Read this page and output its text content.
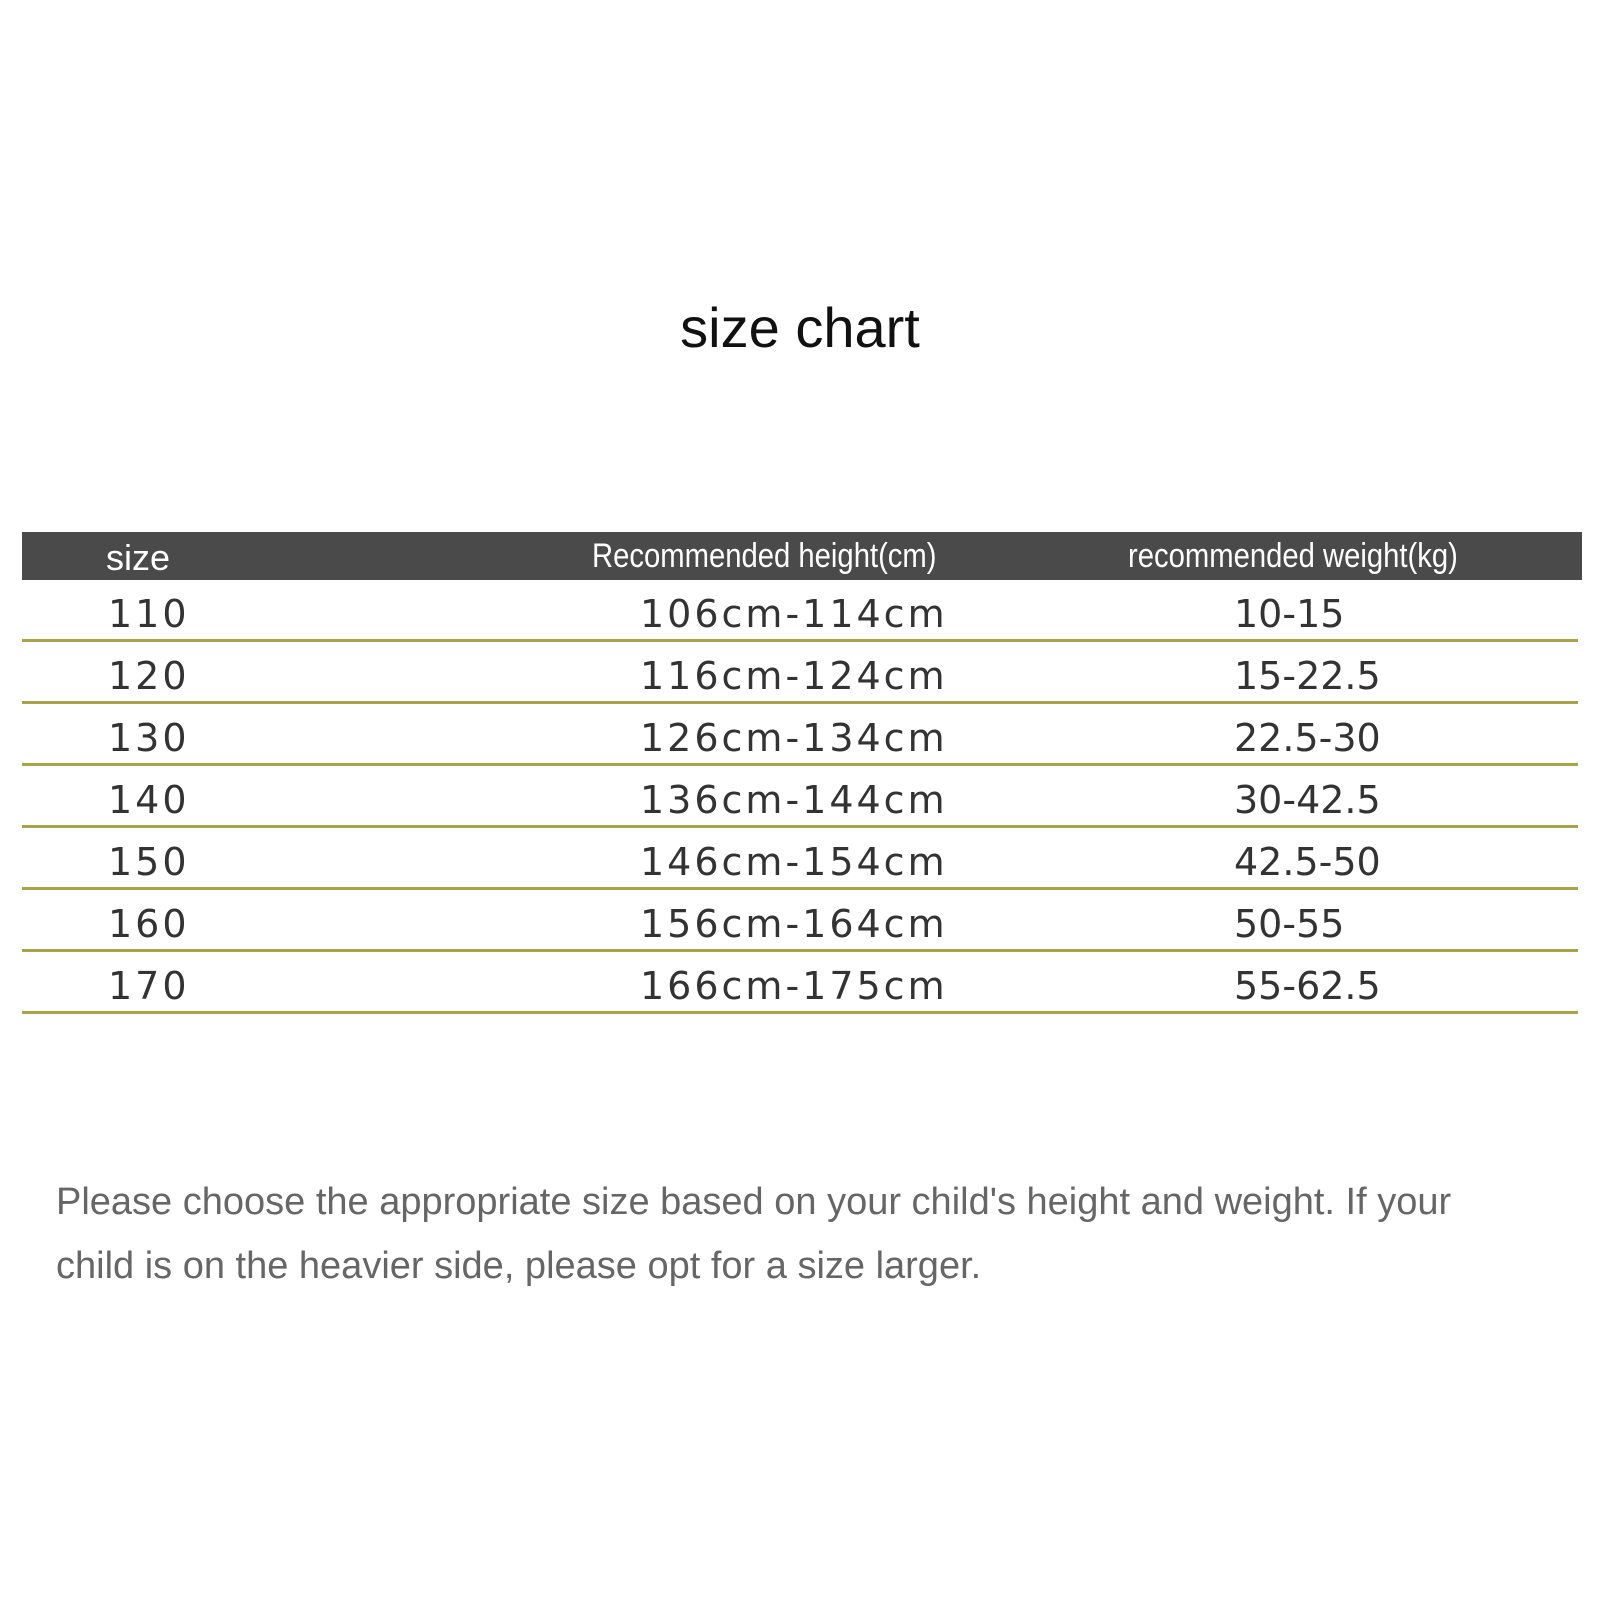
size chart
size	Recommended height(cm)	recommended weight(kg)
110	106cm-114cm	10-15
120	116cm-124cm	15-22.5
130	126cm-134cm	22.5-30
140	136cm-144cm	30-42.5
150	146cm-154cm	42.5-50
160	156cm-164cm	50-55
170	166cm-175cm	55-62.5
Please choose the appropriate size based on your child's height and weight. If your child is on the heavier side, please opt for a size larger.
